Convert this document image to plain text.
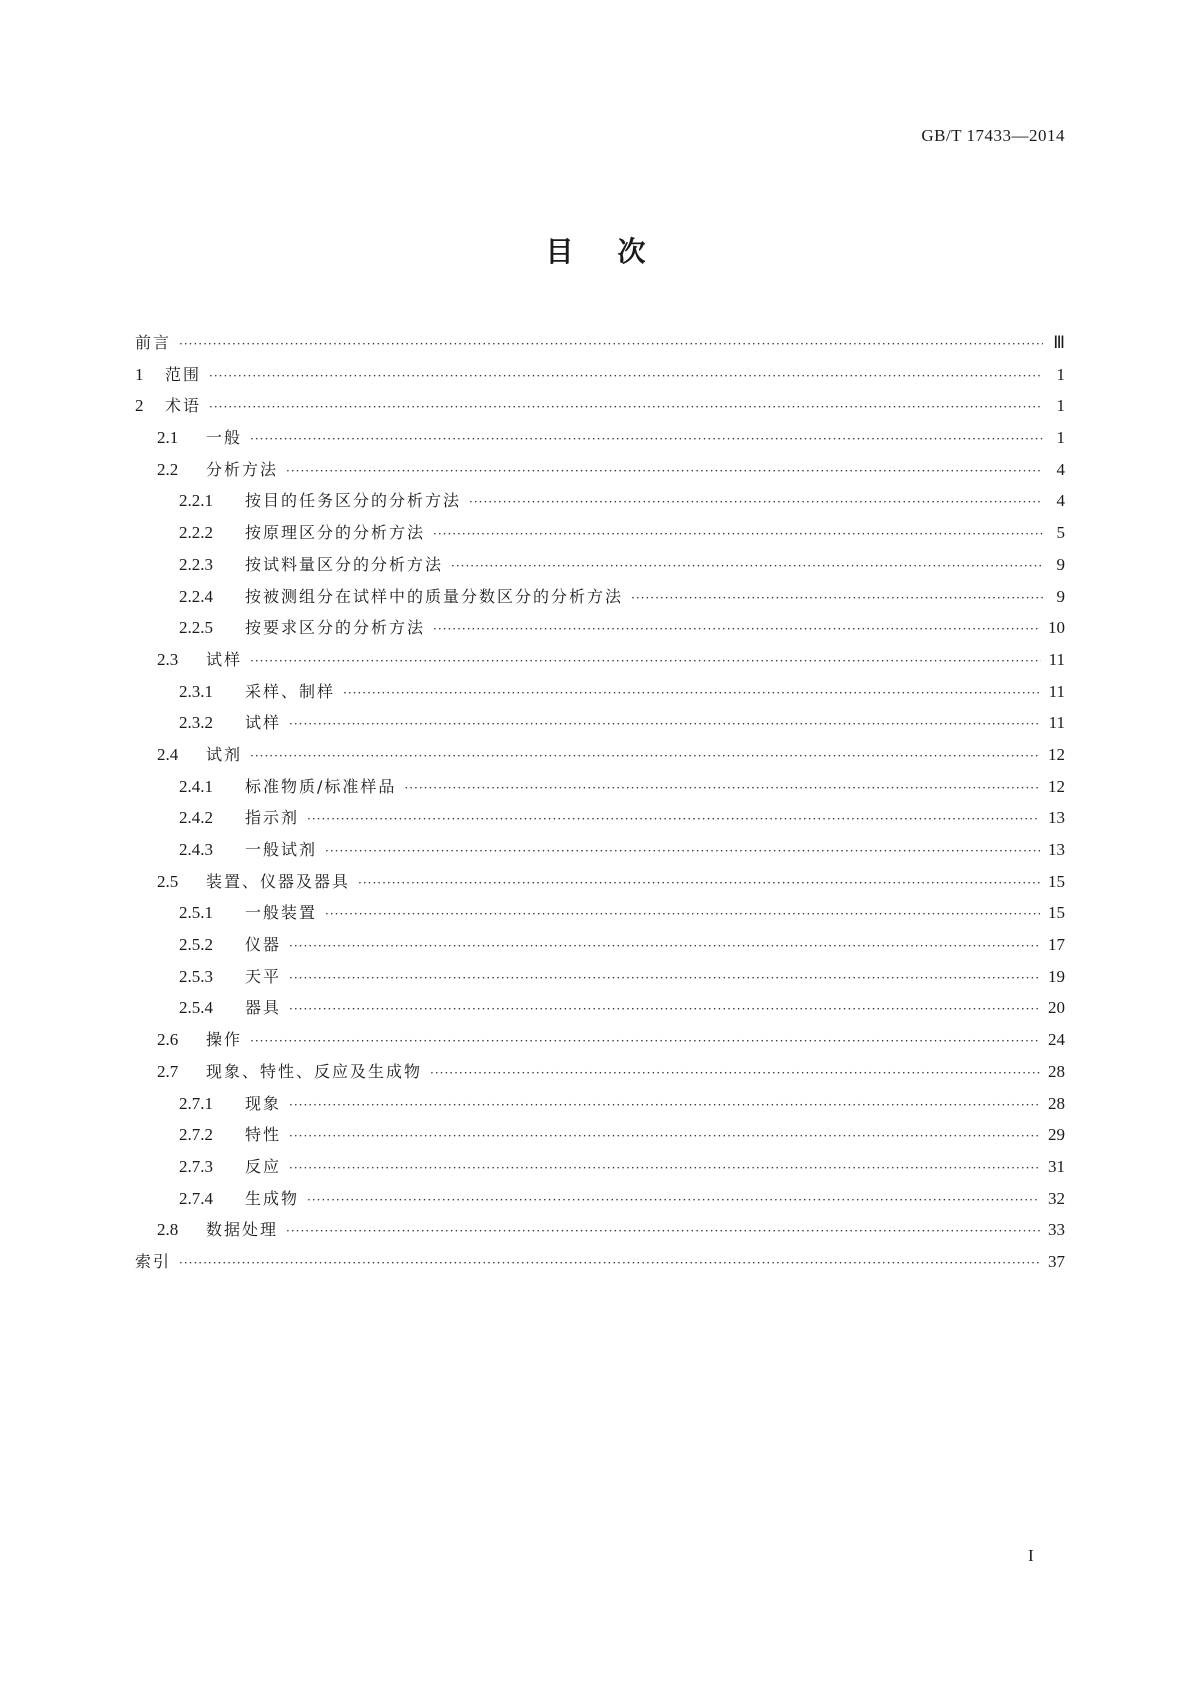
GB/T 17433—2014
目次
前言 ·····	Ⅲ
1	范围 ·····	1
2	术语 ·····	1
2.1	一般 ·····	1
2.2	分析方法 ·····	4
2.2.1	按目的任务区分的分析方法 ·····	4
2.2.2	按原理区分的分析方法 ·····	5
2.2.3	按试料量区分的分析方法 ·····	9
2.2.4	按被测组分在试样中的质量分数区分的分析方法 ·····	9
2.2.5	按要求区分的分析方法 ·····	10
2.3	试样 ·····	11
2.3.1	采样、制样 ·····	11
2.3.2	试样 ·····	11
2.4	试剂 ·····	12
2.4.1	标准物质/标准样品 ·····	12
2.4.2	指示剂 ·····	13
2.4.3	一般试剂 ·····	13
2.5	装置、仪器及器具 ·····	15
2.5.1	一般装置 ·····	15
2.5.2	仪器 ·····	17
2.5.3	天平 ·····	19
2.5.4	器具 ·····	20
2.6	操作 ·····	24
2.7	现象、特性、反应及生成物 ·····	28
2.7.1	现象 ·····	28
2.7.2	特性 ·····	29
2.7.3	反应 ·····	31
2.7.4	生成物 ·····	32
2.8	数据处理 ·····	33
索引 ·····	37
I
